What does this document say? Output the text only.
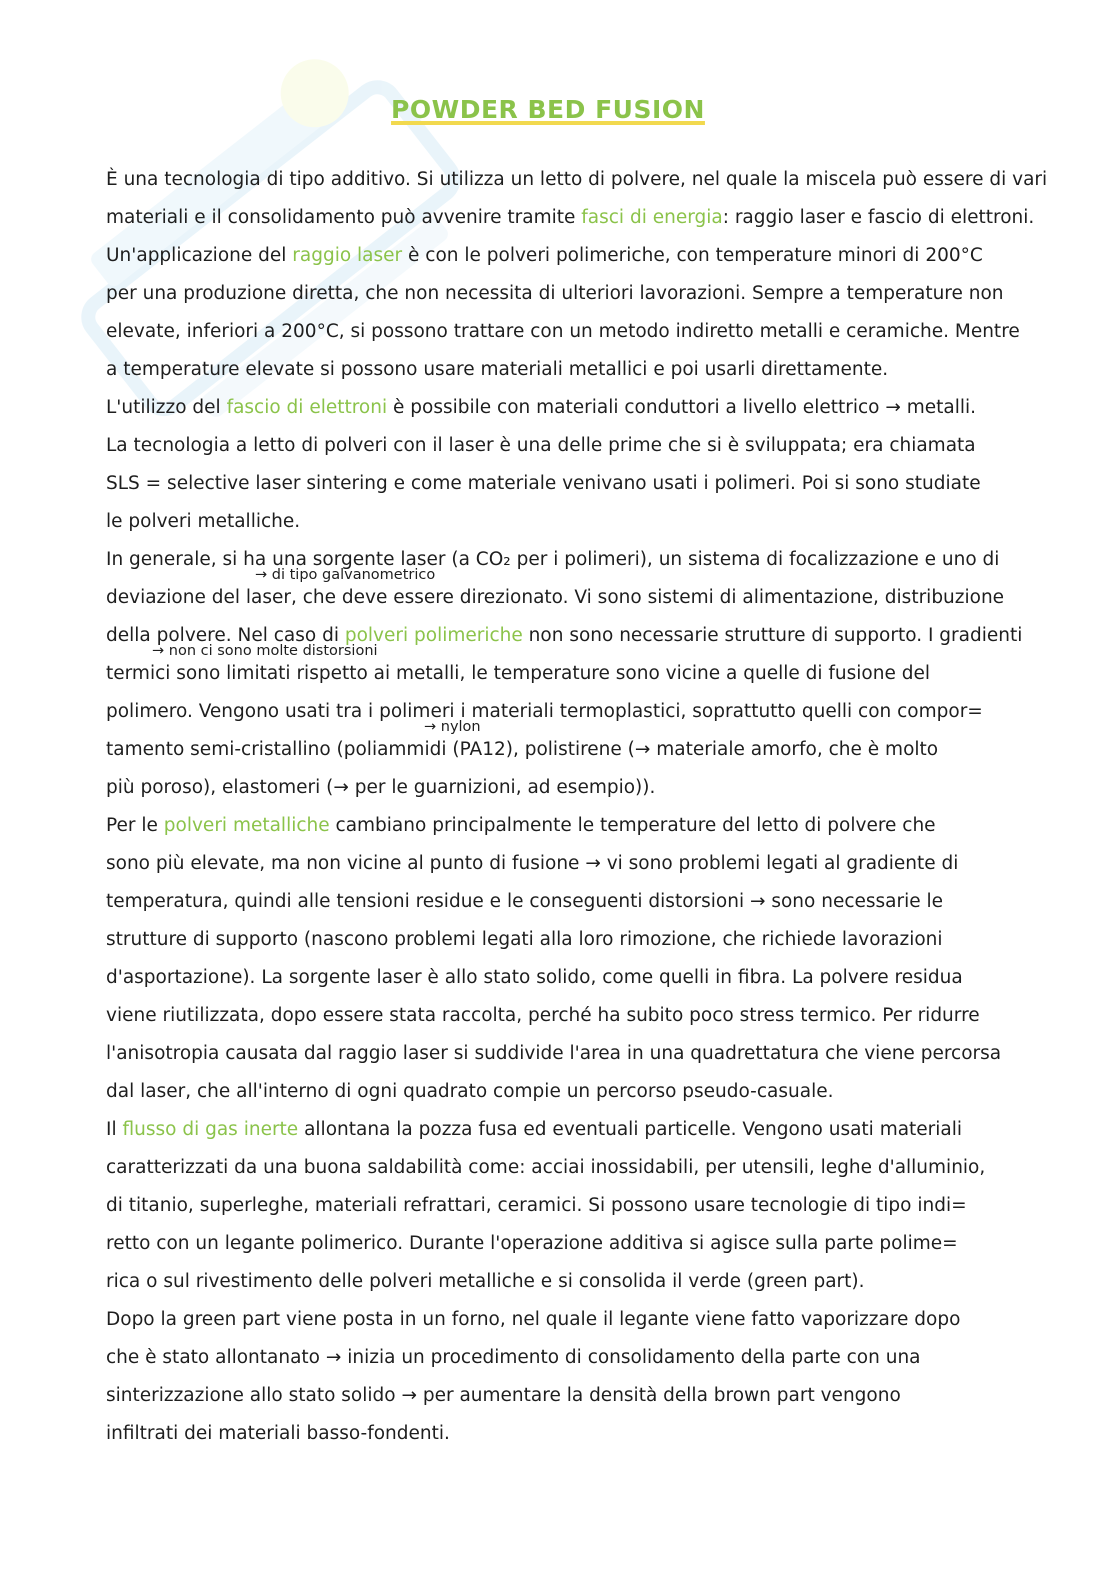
POWDER BED FUSION
È una tecnologia di tipo additivo. Si utilizza un letto di polvere, nel quale la miscela può essere di vari
materiali e il consolidamento può avvenire tramite fasci di energia: raggio laser e fascio di elettroni.
Un'applicazione del raggio laser è con le polveri polimeriche, con temperature minori di 200°C
per una produzione diretta, che non necessita di ulteriori lavorazioni. Sempre a temperature non
elevate, inferiori a 200°C, si possono trattare con un metodo indiretto metalli e ceramiche. Mentre
a temperature elevate si possono usare materiali metallici e poi usarli direttamente.
L'utilizzo del fascio di elettroni è possibile con materiali conduttori a livello elettrico → metalli.
La tecnologia a letto di polveri con il laser è una delle prime che si è sviluppata; era chiamata
SLS = selective laser sintering e come materiale venivano usati i polimeri. Poi si sono studiate
le polveri metalliche.
In generale, si ha una sorgente laser (a CO₂ per i polimeri), un sistema di focalizzazione e uno di
deviazione del laser, che deve essere direzionato. Vi sono sistemi di alimentazione, distribuzione
della polvere. Nel caso di polveri polimeriche non sono necessarie strutture di supporto. I gradienti
termici sono limitati rispetto ai metalli, le temperature sono vicine a quelle di fusione del
polimero. Vengono usati tra i polimeri i materiali termoplastici, soprattutto quelli con compor=
tamento semi-cristallino (poliammidi (PA12), polistirene (→ materiale amorfo, che è molto
più poroso), elastomeri (→ per le guarnizioni, ad esempio)).
Per le polveri metalliche cambiano principalmente le temperature del letto di polvere che
sono più elevate, ma non vicine al punto di fusione → vi sono problemi legati al gradiente di
temperatura, quindi alle tensioni residue e le conseguenti distorsioni → sono necessarie le
strutture di supporto (nascono problemi legati alla loro rimozione, che richiede lavorazioni
d'asportazione). La sorgente laser è allo stato solido, come quelli in fibra. La polvere residua
viene riutilizzata, dopo essere stata raccolta, perché ha subito poco stress termico. Per ridurre
l'anisotropia causata dal raggio laser si suddivide l'area in una quadrettatura che viene percorsa
dal laser, che all'interno di ogni quadrato compie un percorso pseudo-casuale.
Il flusso di gas inerte allontana la pozza fusa ed eventuali particelle. Vengono usati materiali
caratterizzati da una buona saldabilità come: acciai inossidabili, per utensili, leghe d'alluminio,
di titanio, superleghe, materiali refrattari, ceramici. Si possono usare tecnologie di tipo indi=
retto con un legante polimerico. Durante l'operazione additiva si agisce sulla parte polime=
rica o sul rivestimento delle polveri metalliche e si consolida il verde (green part).
Dopo la green part viene posta in un forno, nel quale il legante viene fatto vaporizzare dopo
che è stato allontanato → inizia un procedimento di consolidamento della parte con una
sinterizzazione allo stato solido → per aumentare la densità della brown part vengono
infiltrati dei materiali basso-fondenti.
→ di tipo galvanometrico
→ non ci sono molte distorsioni
→ nylon
